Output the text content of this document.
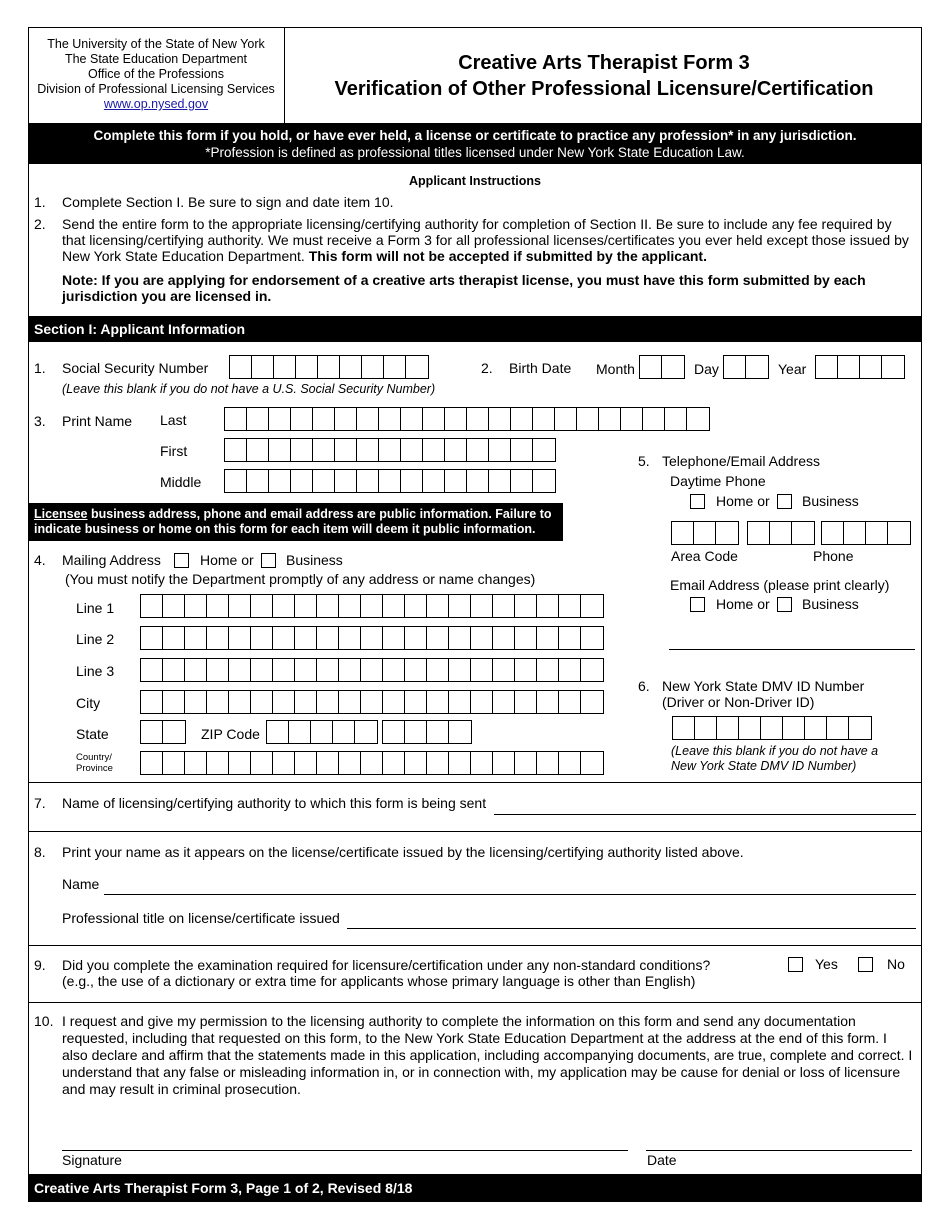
The University of the State of New York
The State Education Department
Office of the Professions
Division of Professional Licensing Services
www.op.nysed.gov
Creative Arts Therapist Form 3
Verification of Other Professional Licensure/Certification
Complete this form if you hold, or have ever held, a license or certificate to practice any profession* in any jurisdiction.
*Profession is defined as professional titles licensed under New York State Education Law.
Applicant Instructions
1. Complete Section I. Be sure to sign and date item 10.
2. Send the entire form to the appropriate licensing/certifying authority for completion of Section II. Be sure to include any fee required by that licensing/certifying authority. We must receive a Form 3 for all professional licenses/certificates you ever held except those issued by New York State Education Department. This form will not be accepted if submitted by the applicant.
Note: If you are applying for endorsement of a creative arts therapist license, you must have this form submitted by each jurisdiction you are licensed in.
Section I: Applicant Information
1. Social Security Number
(Leave this blank if you do not have a U.S. Social Security Number)
2. Birth Date Month	Day	Year
3. Print Name Last
First
Middle
5. Telephone/Email Address
Daytime Phone
Home or Business
Area Code	Phone
Email Address (please print clearly)
Home or Business
Licensee business address, phone and email address are public information. Failure to indicate business or home on this form for each item will deem it public information.
4. Mailing Address	Home or Business
(You must notify the Department promptly of any address or name changes)
Line 1
Line 2
Line 3
City
State	ZIP Code
Country/
Province
6. New York State DMV ID Number
(Driver or Non-Driver ID)
(Leave this blank if you do not have a
New York State DMV ID Number)
7. Name of licensing/certifying authority to which this form is being sent
8. Print your name as it appears on the license/certificate issued by the licensing/certifying authority listed above.
Name
Professional title on license/certificate issued
9. Did you complete the examination required for licensure/certification under any non-standard conditions?
(e.g., the use of a dictionary or extra time for applicants whose primary language is other than English)
Yes	No
10. I request and give my permission to the licensing authority to complete the information on this form and send any documentation requested, including that requested on this form, to the New York State Education Department at the address at the end of this form. I also declare and affirm that the statements made in this application, including accompanying documents, are true, complete and correct. I understand that any false or misleading information in, or in connection with, my application may be cause for denial or loss of licensure and may result in criminal prosecution.
Signature	Date
Creative Arts Therapist Form 3, Page 1 of 2, Revised 8/18
